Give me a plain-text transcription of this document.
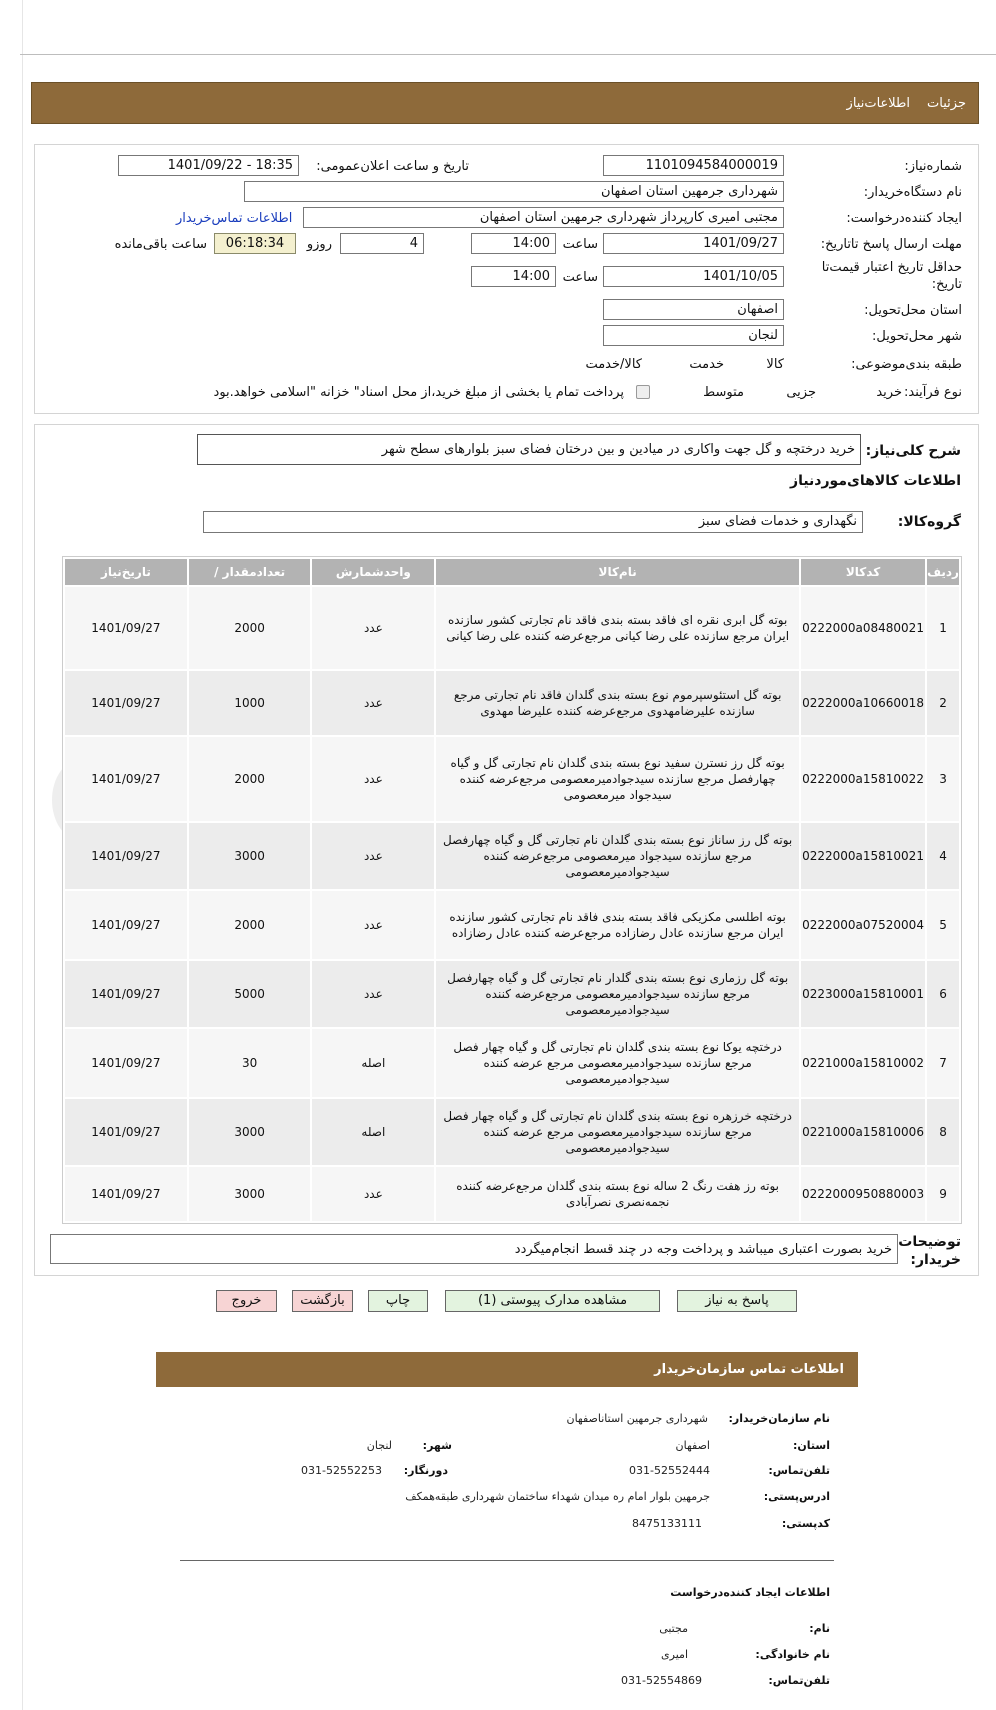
جزئیات
اطلاعات‌نیاز
شماره‌نیاز:
1101094584000019
تاریخ و ساعت اعلان‌عمومی:
1401/09/22 - 18:35
نام دستگاه‌خریدار:
شهرداری جرمهین استان اصفهان
ایجاد کننده‌درخواست:
مجتبی امیری کارپرداز شهرداری جرمهین استان اصفهان
اطلاعات تماس‌خریدار
مهلت ارسال پاسخ تا‌تاریخ:
1401/09/27
ساعت
14:00
4
روز‌و
06:18:34
ساعت باقی‌مانده
حداقل تاریخ اعتبار قیمت‌تا
تاریخ:
1401/10/05
ساعت
14:00
استان محل‌تحویل:
اصفهان
شهر محل‌تحویل:
لنجان
طبقه بندی‌موضوعی:

کالا

خدمت

کالا/خدمت
نوع فرآیند:
خرید

جزیی
متوسط
پرداخت تمام یا بخشی از مبلغ خرید،از محل اسناد" خزانه "اسلامی خواهد.بود
شرح کلی‌نیاز:
خرید درختچه و گل جهت واکاری در میادین و بین درختان فضای سبز بلوارهای سطح شهر
اطلاعات کالاهای‌موردنیاز
گروه‌کالا:
نگهداری و خدمات فضای سبز
ردیف	کدکالا	نام‌کالا	واحدشمارش	تعداد‌مقدار /	تاریخ‌نیاز
1	0222000a08480021	بوته گل ابری نقره ای فاقد بسته بندی فاقد نام تجارتی کشور سازنده ایران مرجع سازنده علی رضا کیانی مرجع‌عرضه کننده علی رضا کیانی	عدد	2000	1401/09/27
2	0222000a10660018	بوته گل استئوسپرموم نوع بسته بندی گلدان فاقد نام تجارتی مرجع سازنده علیرضامهدوی مرجع‌عرضه کننده علیرضا مهدوی	عدد	1000	1401/09/27
3	0222000a15810022	بوته گل رز نسترن سفید نوع بسته بندی گلدان نام تجارتی گل و گیاه چهارفصل مرجع سازنده سیدجوادمیرمعصومی مرجع‌عرضه کننده سیدجواد میرمعصومی	عدد	2000	1401/09/27
4	0222000a15810021	بوته گل رز ساناز نوع بسته بندی گلدان نام تجارتی گل و گیاه چهارفصل مرجع سازنده سیدجواد میرمعصومی مرجع‌عرضه کننده سیدجوادمیرمعصومی	عدد	3000	1401/09/27
5	0222000a07520004	بوته اطلسی مکزیکی فاقد بسته بندی فاقد نام تجارتی کشور سازنده ایران مرجع سازنده عادل رضازاده مرجع‌عرضه کننده عادل رضازاده	عدد	2000	1401/09/27
6	0223000a15810001	بوته گل رزماری نوع بسته بندی گلدار نام تجارتی گل و گیاه چهارفصل مرجع سازنده سیدجوادمیرمعصومی مرجع‌عرضه کننده سیدجوادمیرمعصومی	عدد	5000	1401/09/27
7	0221000a15810002	درختچه یوکا نوع بسته بندی گلدان نام تجارتی گل و گیاه چهار فصل مرجع سازنده سیدجوادمیرمعصومی مرجع عرضه کننده سیدجوادمیرمعصومی	اصله	30	1401/09/27
8	0221000a15810006	درختچه خرزهره نوع بسته بندی گلدان نام تجارتی گل و گیاه چهار فصل مرجع سازنده سیدجوادمیرمعصومی مرجع عرضه کننده سیدجوادمیرمعصومی	اصله	3000	1401/09/27
9	0222000950880003	بوته رز هفت رنگ 2 ساله نوع بسته بندی گلدان مرجع‌عرضه کننده نجمه‌نصری نصرآبادی	عدد	3000	1401/09/27
توضیحات خریدار:
خرید بصورت اعتباری میباشد و پرداخت وجه در چند قسط انجام‌میگردد
پاسخ به نیاز
مشاهده مدارک پیوستی (1)
چاپ
بازگشت
خروج
اطلاعات تماس سازمان‌خریدار
نام سازمان‌خریدار:
شهرداری جرمهین استاناصفهان
استان:
اصفهان
شهر:
لنجان
تلفن‌تماس:
031-52552444
دورنگار:
031-52552253
ادرس‌پستی:
جرمهین بلوار امام ره میدان شهداء ساختمان شهرداری طبقه‌همکف
کد‌پستی:
8475133111
اطلاعات ایجاد کننده‌درخواست
نام:
مجتبی
نام خانوادگی:
امیری
تلفن‌تماس:
031-52554869
